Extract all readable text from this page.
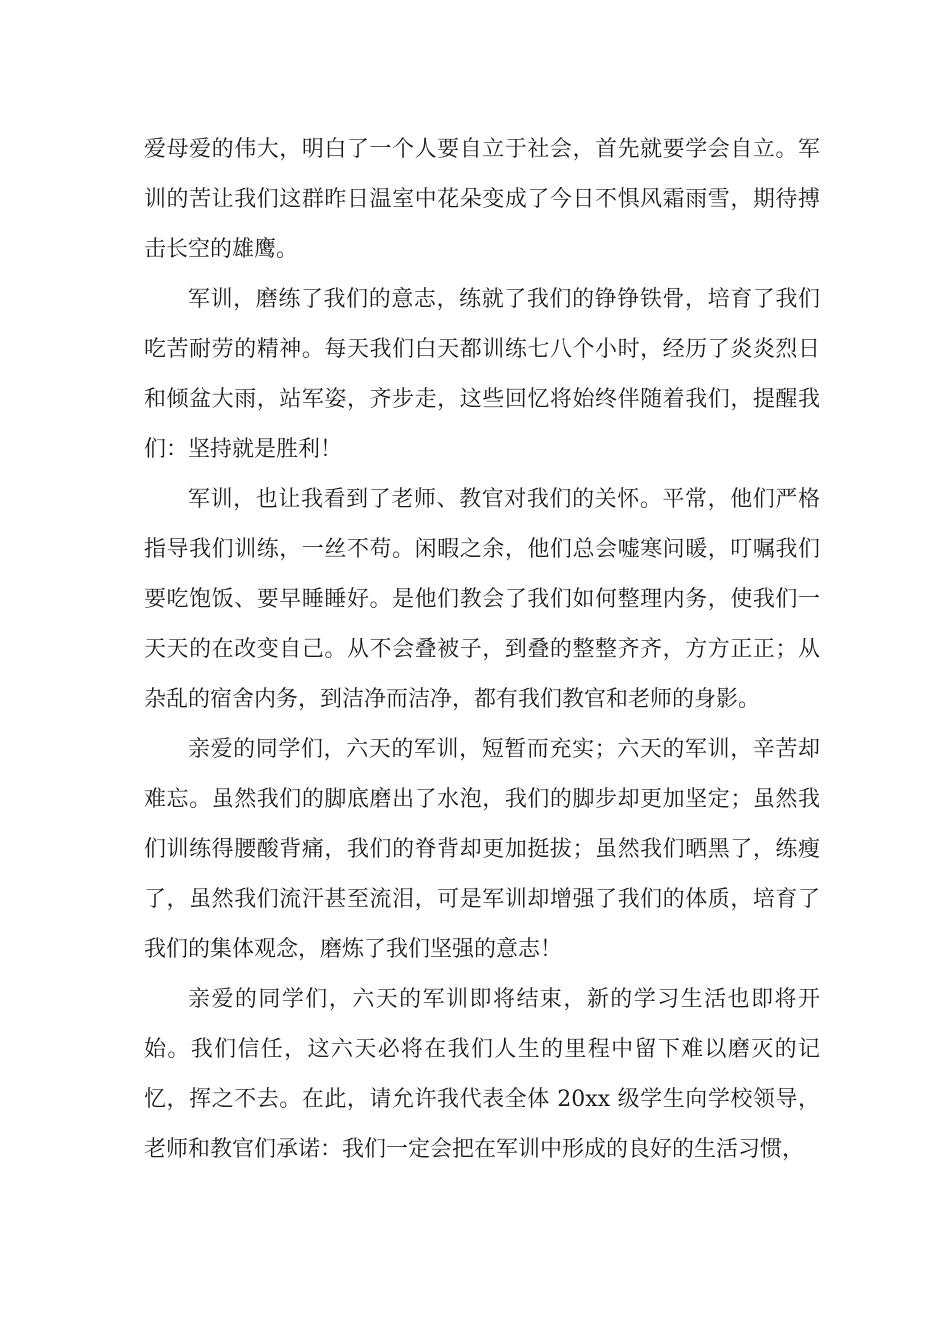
爱母爱的伟大，明白了一个人要自立于社会，首先就要学会自立。军训的苦让我们这群昨日温室中花朵变成了今日不惧风霜雨雪，期待搏击长空的雄鹰。

军训，磨练了我们的意志，练就了我们的铮铮铁骨，培育了我们吃苦耐劳的精神。每天我们白天都训练七八个小时，经历了炎炎烈日和倾盆大雨，站军姿，齐步走，这些回忆将始终伴随着我们，提醒我们：坚持就是胜利！

军训，也让我看到了老师、教官对我们的关怀。平常，他们严格指导我们训练，一丝不苟。闲暇之余，他们总会嘘寒问暖，叮嘱我们要吃饱饭、要早睡睡好。是他们教会了我们如何整理内务，使我们一天天的在改变自己。从不会叠被子，到叠的整整齐齐，方方正正；从杂乱的宿舍内务，到洁净而洁净，都有我们教官和老师的身影。

亲爱的同学们，六天的军训，短暂而充实；六天的军训，辛苦却难忘。虽然我们的脚底磨出了水泡，我们的脚步却更加坚定；虽然我们训练得腰酸背痛，我们的脊背却更加挺拔；虽然我们晒黑了，练瘦了，虽然我们流汗甚至流泪，可是军训却增强了我们的体质，培育了我们的集体观念，磨炼了我们坚强的意志！

亲爱的同学们，六天的军训即将结束，新的学习生活也即将开始。我们信任，这六天必将在我们人生的里程中留下难以磨灭的记忆，挥之不去。在此，请允许我代表全体 20xx 级学生向学校领导，老师和教官们承诺：我们一定会把在军训中形成的良好的生活习惯，
